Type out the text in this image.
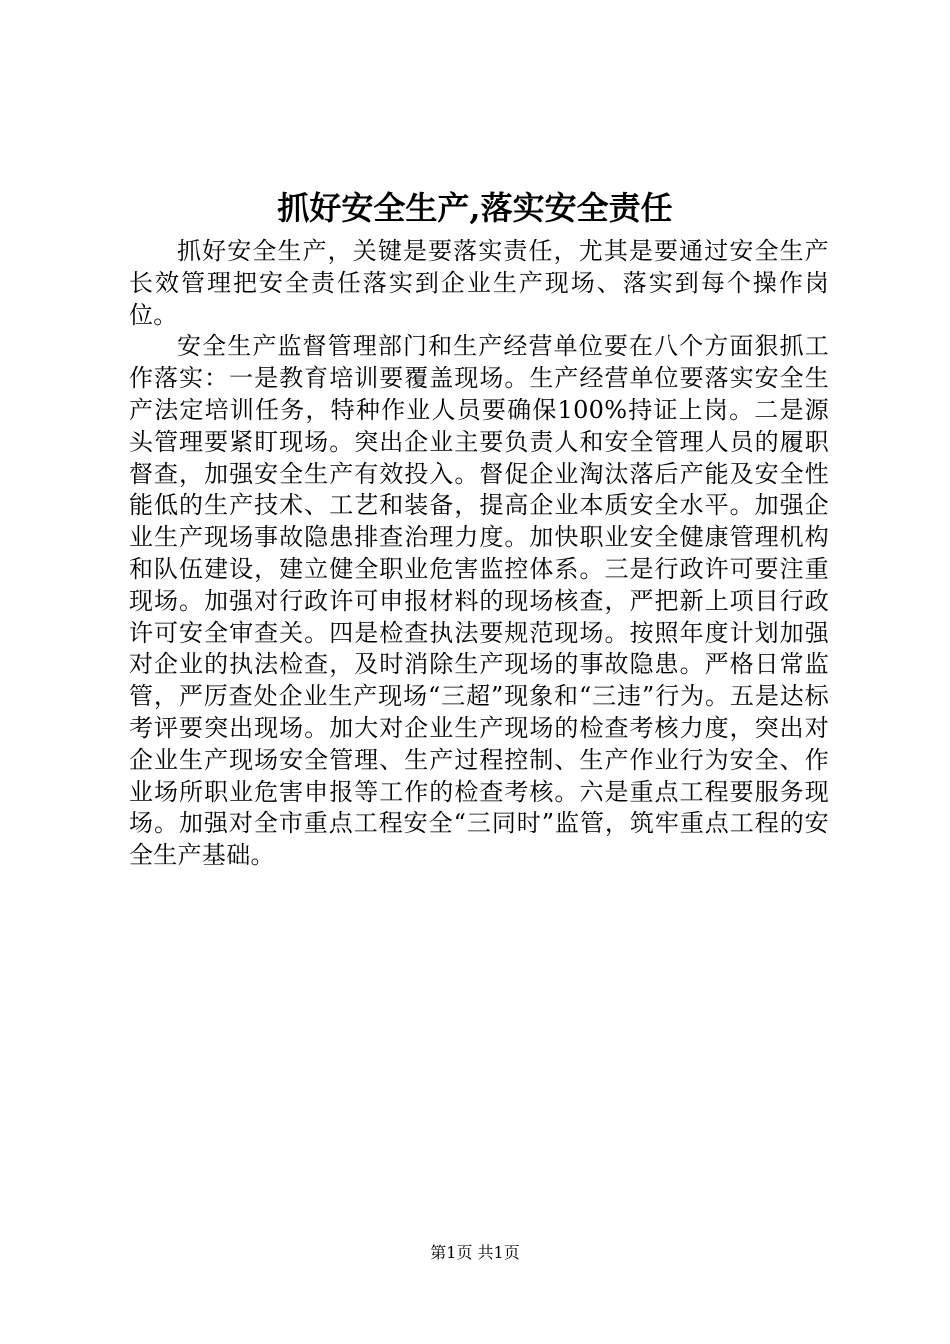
抓好安全生产,落实安全责任

抓好安全生产，关键是要落实责任，尤其是要通过安全生产长效管理把安全责任落实到企业生产现场、落实到每个操作岗位。

安全生产监督管理部门和生产经营单位要在八个方面狠抓工作落实：一是教育培训要覆盖现场。生产经营单位要落实安全生产法定培训任务，特种作业人员要确保100%持证上岗。二是源头管理要紧盯现场。突出企业主要负责人和安全管理人员的履职督查，加强安全生产有效投入。督促企业淘汰落后产能及安全性能低的生产技术、工艺和装备，提高企业本质安全水平。加强企业生产现场事故隐患排查治理力度。加快职业安全健康管理机构和队伍建设，建立健全职业危害监控体系。三是行政许可要注重现场。加强对行政许可申报材料的现场核查，严把新上项目行政许可安全审查关。四是检查执法要规范现场。按照年度计划加强对企业的执法检查，及时消除生产现场的事故隐患。严格日常监管，严厉查处企业生产现场“三超”现象和“三违”行为。五是达标考评要突出现场。加大对企业生产现场的检查考核力度，突出对企业生产现场安全管理、生产过程控制、生产作业行为安全、作业场所职业危害申报等工作的检查考核。六是重点工程要服务现场。加强对全市重点工程安全“三同时”监管，筑牢重点工程的安全生产基础。

第1页 共1页
